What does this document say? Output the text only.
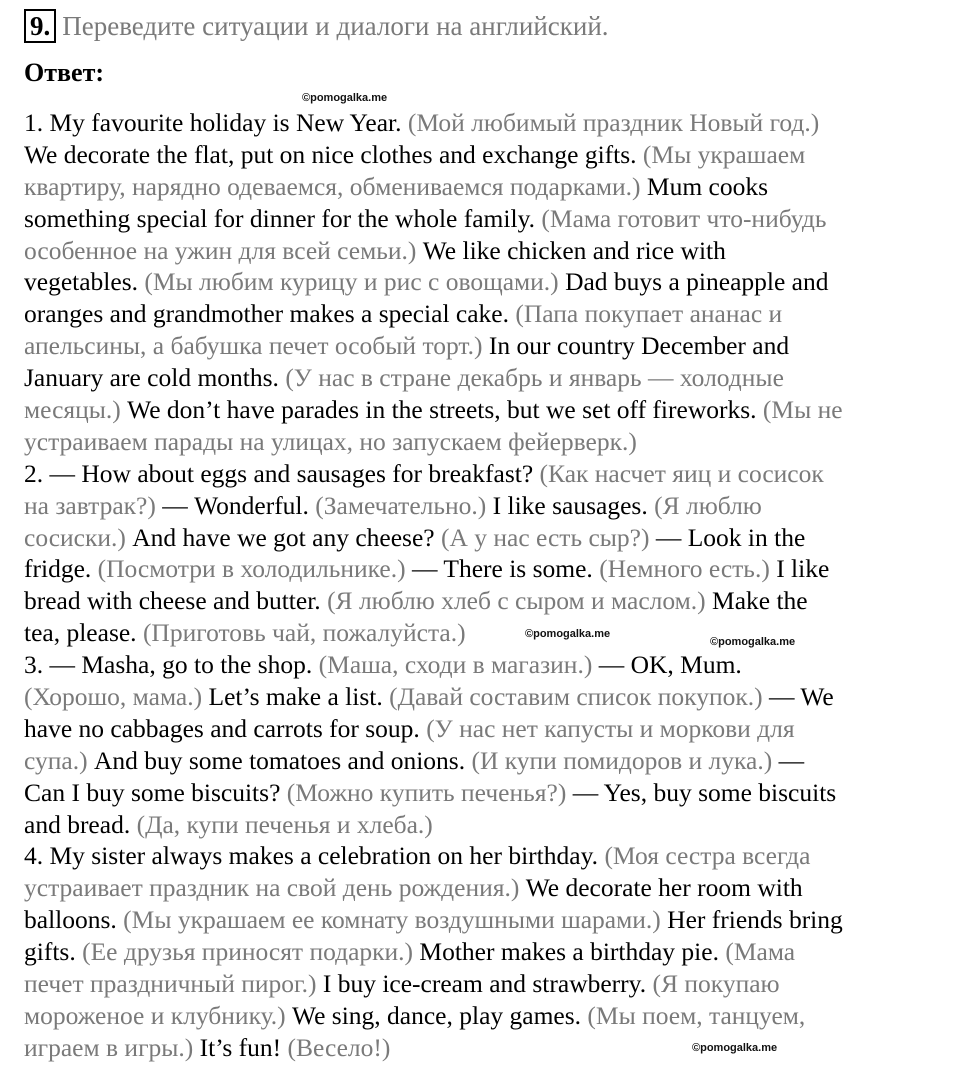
9. Переведите ситуации и диалоги на английский.
Ответ:
©pomogalka.me
©pomogalka.me
©pomogalka.me
©pomogalka.me
1. My favourite holiday is New Year. (Мой любимый праздник Новый год.)
We decorate the flat, put on nice clothes and exchange gifts. (Мы украшаем
квартиру, нарядно одеваемся, обмениваемся подарками.) Mum cooks
something special for dinner for the whole family. (Мама готовит что-нибудь
особенное на ужин для всей семьи.) We like chicken and rice with
vegetables. (Мы любим курицу и рис с овощами.) Dad buys a pineapple and
oranges and grandmother makes a special cake. (Папа покупает ананас и
апельсины, а бабушка печет особый торт.) In our country December and
January are cold months. (У нас в стране декабрь и январь — холодные
месяцы.) We don’t have parades in the streets, but we set off fireworks. (Мы не
устраиваем парады на улицах, но запускаем фейерверк.)
2. — How about eggs and sausages for breakfast? (Как насчет яиц и сосисок
на завтрак?) — Wonderful. (Замечательно.) I like sausages. (Я люблю
сосиски.) And have we got any cheese? (А у нас есть сыр?) — Look in the
fridge. (Посмотри в холодильнике.) — There is some. (Немного есть.) I like
bread with cheese and butter. (Я люблю хлеб с сыром и маслом.) Make the
tea, please. (Приготовь чай, пожалуйста.)
3. — Masha, go to the shop. (Маша, сходи в магазин.) — OK, Mum.
(Хорошо, мама.) Let’s make a list. (Давай составим список покупок.) — We
have no cabbages and carrots for soup. (У нас нет капусты и моркови для
супа.) And buy some tomatoes and onions. (И купи помидоров и лука.) —
Can I buy some biscuits? (Можно купить печенья?) — Yes, buy some biscuits
and bread. (Да, купи печенья и хлеба.)
4. My sister always makes a celebration on her birthday. (Моя сестра всегда
устраивает праздник на свой день рождения.) We decorate her room with
balloons. (Мы украшаем ее комнату воздушными шарами.) Her friends bring
gifts. (Ее друзья приносят подарки.) Mother makes a birthday pie. (Мама
печет праздничный пирог.) I buy ice-cream and strawberry. (Я покупаю
мороженое и клубнику.) We sing, dance, play games. (Мы поем, танцуем,
играем в игры.) It’s fun! (Весело!)
